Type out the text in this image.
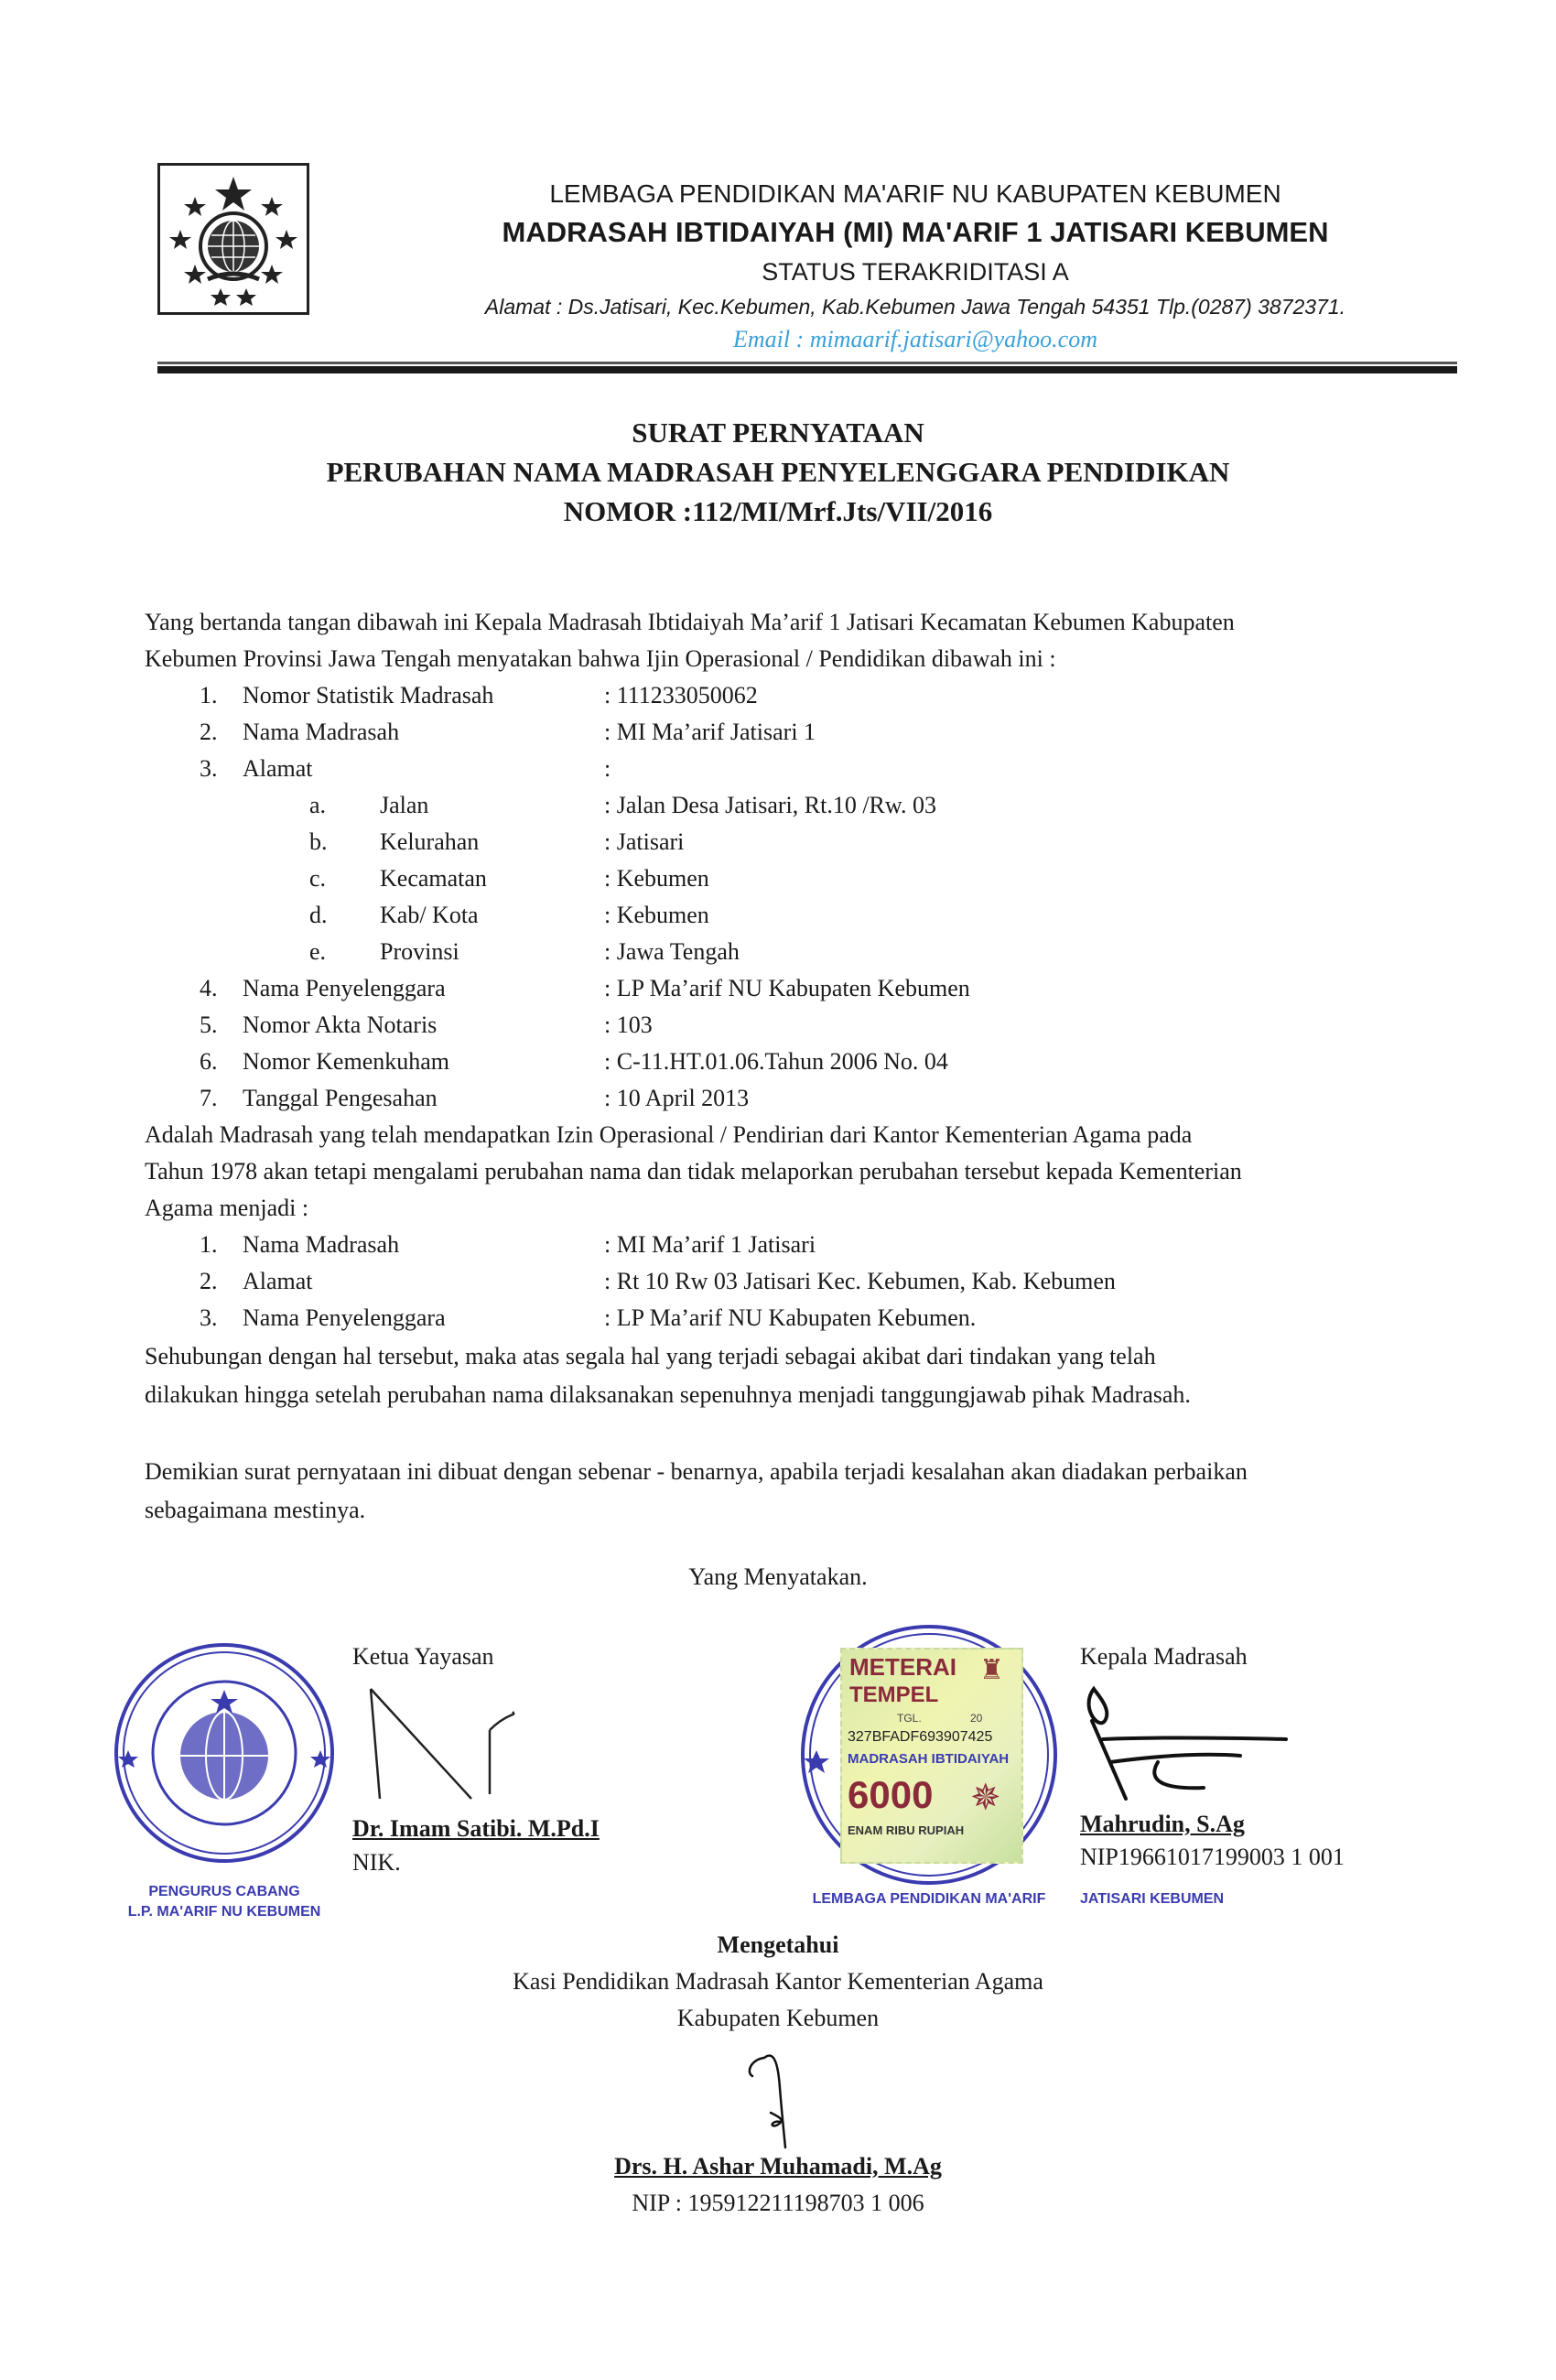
LEMBAGA PENDIDIKAN MA'ARIF NU KABUPATEN KEBUMEN
MADRASAH IBTIDAIYAH (MI) MA'ARIF 1 JATISARI KEBUMEN
STATUS TERAKRIDITASI A
Alamat : Ds.Jatisari, Kec.Kebumen, Kab.Kebumen Jawa Tengah 54351 Tlp.(0287) 3872371.
Email : mimaarif.jatisari@yahoo.com
SURAT PERNYATAAN
PERUBAHAN NAMA MADRASAH PENYELENGGARA PENDIDIKAN
NOMOR :112/MI/Mrf.Jts/VII/2016
Yang bertanda tangan dibawah ini Kepala Madrasah Ibtidaiyah Ma’arif 1 Jatisari Kecamatan Kebumen Kabupaten
Kebumen Provinsi Jawa Tengah menyatakan bahwa Ijin Operasional / Pendidikan dibawah ini :
1. Nomor Statistik Madrasah	: 111233050062
2. Nama Madrasah	: MI Ma’arif Jatisari 1
3. Alamat	:
a. Jalan	: Jalan Desa Jatisari, Rt.10 /Rw. 03
b. Kelurahan	: Jatisari
c. Kecamatan	: Kebumen
d. Kab/ Kota	: Kebumen
e. Provinsi	: Jawa Tengah
4. Nama Penyelenggara	: LP Ma’arif NU Kabupaten Kebumen
5. Nomor Akta Notaris	: 103
6. Nomor Kemenkuham	: C-11.HT.01.06.Tahun 2006 No. 04
7. Tanggal Pengesahan	: 10 April 2013
Adalah Madrasah yang telah mendapatkan Izin Operasional / Pendirian dari Kantor Kementerian Agama pada
Tahun 1978 akan tetapi mengalami perubahan nama dan tidak melaporkan perubahan tersebut kepada Kementerian
Agama menjadi :
1. Nama Madrasah	: MI Ma’arif 1 Jatisari
2. Alamat	: Rt 10 Rw 03 Jatisari Kec. Kebumen, Kab. Kebumen
3. Nama Penyelenggara	: LP Ma’arif NU Kabupaten Kebumen.
Sehubungan dengan hal tersebut, maka atas segala hal yang terjadi sebagai akibat dari tindakan yang telah
dilakukan hingga setelah perubahan nama dilaksanakan sepenuhnya menjadi tanggungjawab pihak Madrasah.
Demikian surat pernyataan ini dibuat dengan sebenar - benarnya, apabila terjadi kesalahan akan diadakan perbaikan
sebagaimana mestinya.
Yang Menyatakan.
PENGURUS CABANG
L.P. MA'ARIF NU KEBUMEN
Ketua Yayasan
Dr. Imam Satibi. M.Pd.I
NIK.
METERAI
TEMPEL
♜
TGL.	20
327BFADF693907425
MADRASAH IBTIDAIYAH
6000 ✵
ENAM RIBU RUPIAH
LEMBAGA PENDIDIKAN MA'ARIF	JATISARI KEBUMEN
Kepala Madrasah
Mahrudin, S.Ag
NIP19661017199003 1 001
Mengetahui
Kasi Pendidikan Madrasah Kantor Kementerian Agama
Kabupaten Kebumen
Drs. H. Ashar Muhamadi, M.Ag
NIP : 195912211198703 1 006
